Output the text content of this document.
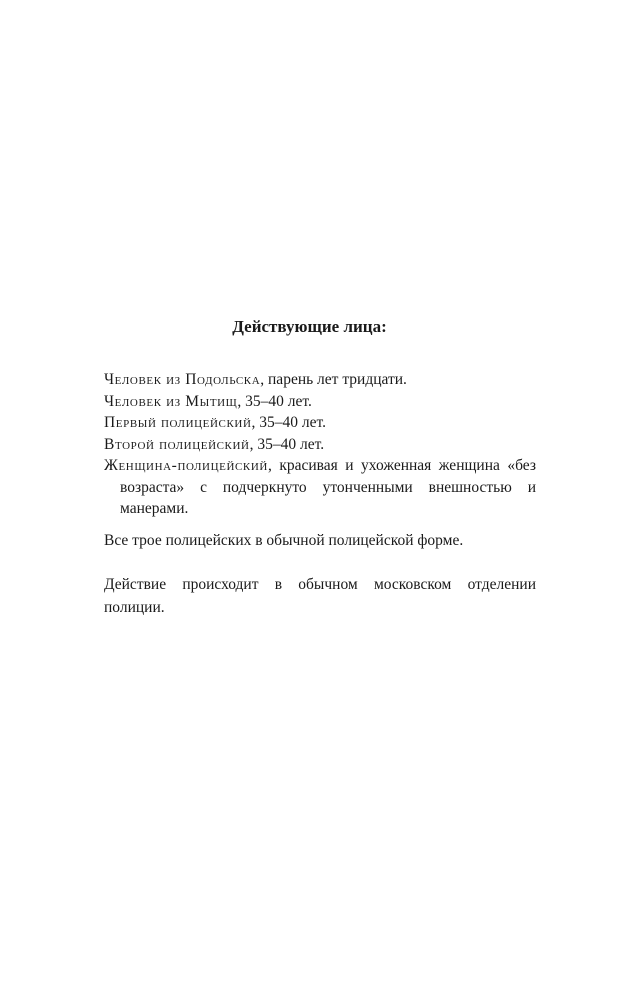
Действующие лица:

Человек из Подольска, парень лет тридцати.

Человек из Мытищ, 35–40 лет.

Первый полицейский, 35–40 лет.

Второй полицейский, 35–40 лет.

Женщина-полицейский, красивая и ухоженная женщина «без возраста» с подчеркнуто утонченными внешностью и манерами.

Все трое полицейских в обычной полицейской форме.

Действие происходит в обычном московском отделении полиции.
